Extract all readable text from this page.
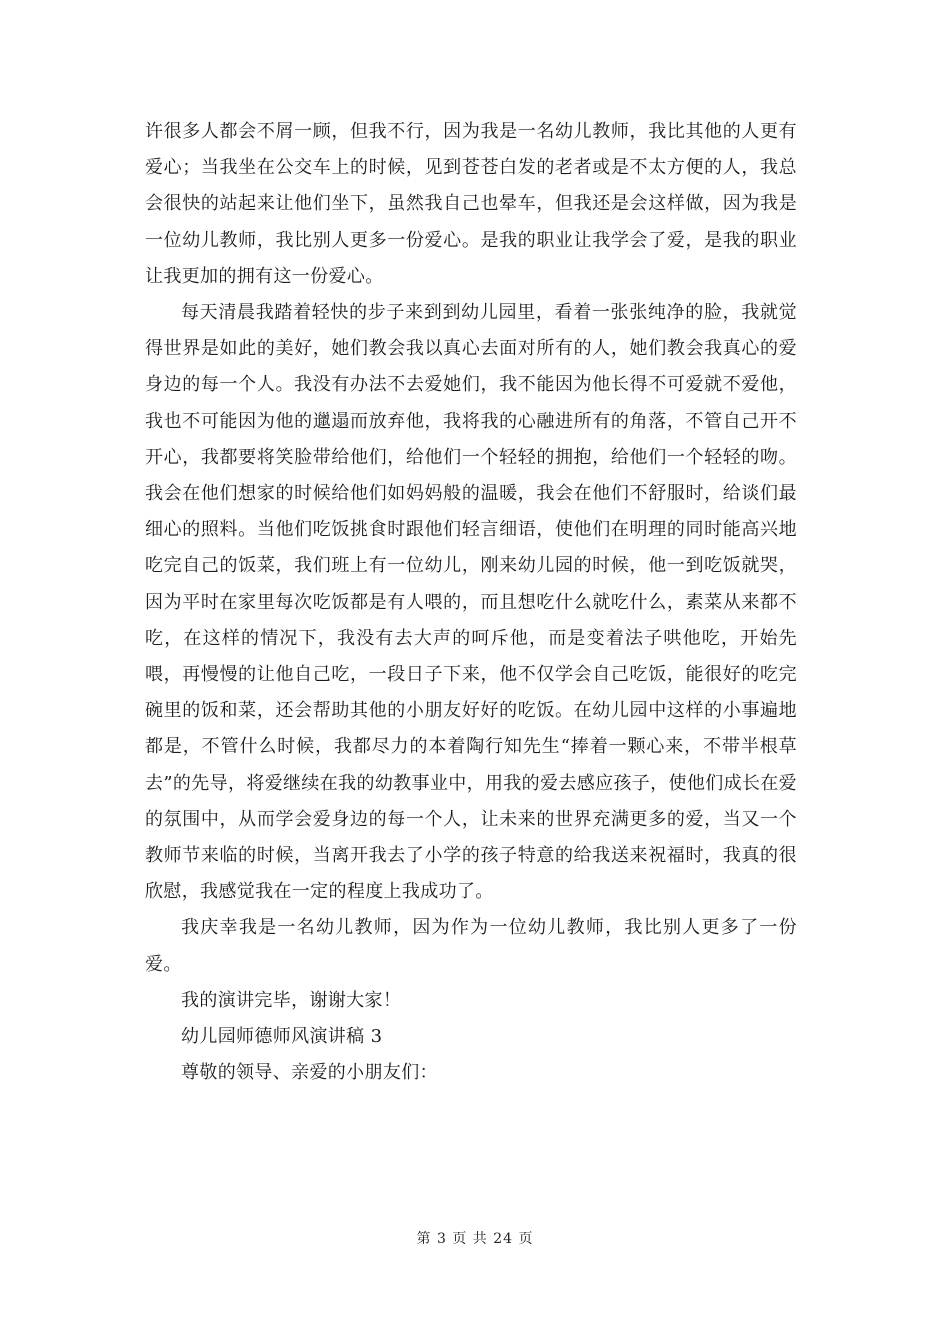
许很多人都会不屑一顾，但我不行，因为我是一名幼儿教师，我比其他的人更有爱心；当我坐在公交车上的时候，见到苍苍白发的老者或是不太方便的人，我总会很快的站起来让他们坐下，虽然我自己也晕车，但我还是会这样做，因为我是一位幼儿教师，我比别人更多一份爱心。是我的职业让我学会了爱，是我的职业让我更加的拥有这一份爱心。

每天清晨我踏着轻快的步子来到到幼儿园里，看着一张张纯净的脸，我就觉得世界是如此的美好，她们教会我以真心去面对所有的人，她们教会我真心的爱身边的每一个人。我没有办法不去爱她们，我不能因为他长得不可爱就不爱他，我也不可能因为他的邋遢而放弃他，我将我的心融进所有的角落，不管自己开不开心，我都要将笑脸带给他们，给他们一个轻轻的拥抱，给他们一个轻轻的吻。我会在他们想家的时候给他们如妈妈般的温暖，我会在他们不舒服时，给谈们最细心的照料。当他们吃饭挑食时跟他们轻言细语，使他们在明理的同时能高兴地吃完自己的饭菜，我们班上有一位幼儿，刚来幼儿园的时候，他一到吃饭就哭，因为平时在家里每次吃饭都是有人喂的，而且想吃什么就吃什么，素菜从来都不吃，在这样的情况下，我没有去大声的呵斥他，而是变着法子哄他吃，开始先喂，再慢慢的让他自己吃，一段日子下来，他不仅学会自己吃饭，能很好的吃完碗里的饭和菜，还会帮助其他的小朋友好好的吃饭。在幼儿园中这样的小事遍地都是，不管什么时候，我都尽力的本着陶行知先生“捧着一颗心来，不带半根草去”的先导，将爱继续在我的幼教事业中，用我的爱去感应孩子，使他们成长在爱的氛围中，从而学会爱身边的每一个人，让未来的世界充满更多的爱，当又一个教师节来临的时候，当离开我去了小学的孩子特意的给我送来祝福时，我真的很欣慰，我感觉我在一定的程度上我成功了。

我庆幸我是一名幼儿教师，因为作为一位幼儿教师，我比别人更多了一份爱。

我的演讲完毕，谢谢大家！

幼儿园师德师风演讲稿 3

尊敬的领导、亲爱的小朋友们：

第 3 页 共 24 页
